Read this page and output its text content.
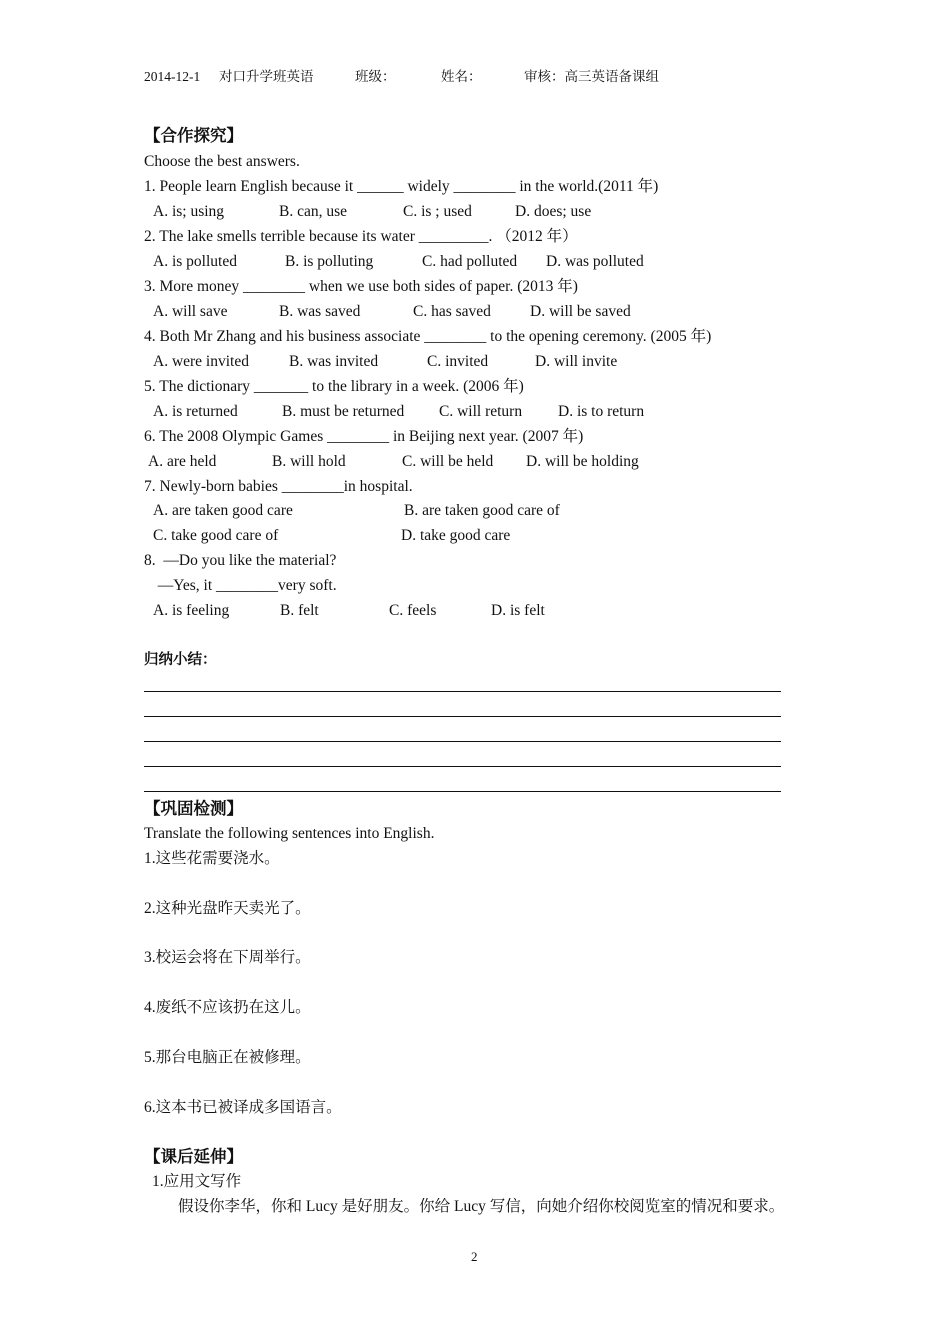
2014-12-1 对口升学班英语	班级：	姓名：	审核：高三英语备课组
【合作探究】
Choose the best answers.
1. People learn English because it ______ widely ________ in the world.(2011 年)
A. is; using	B. can, use	C. is ; used	D. does; use
2. The lake smells terrible because its water _________. （2012 年）
A. is polluted	B. is polluting	C. had polluted D. was polluted
3. More money ________ when we use both sides of paper. (2013 年)
A. will save	B. was saved	C. has saved	D. will be saved
4. Both Mr Zhang and his business associate ________ to the opening ceremony. (2005 年)
A. were invited	B. was invited	C. invited	D. will invite
5. The dictionary _______ to the library in a week. (2006 年)
A. is returned	B. must be returned C. will return D. is to return
6. The 2008 Olympic Games ________ in Beijing next year. (2007 年)
A. are held	B. will hold	C. will be held D. will be holding
7. Newly-born babies ________in hospital.
A. are taken good care	B. are taken good care of
C. take good care of	D. take good care
8.  —Do you like the material?
—Yes, it ________very soft.
A. is feeling	B. felt	C. feels	D. is felt
归纳小结：
【巩固检测】
Translate the following sentences into English.
1.这些花需要浇水。
2.这种光盘昨天卖光了。
3.校运会将在下周举行。
4.废纸不应该扔在这儿。
5.那台电脑正在被修理。
6.这本书已被译成多国语言。
【课后延伸】
1.应用文写作
假设你李华，你和 Lucy 是好朋友。你给 Lucy 写信，向她介绍你校阅览室的情况和要求。
2
